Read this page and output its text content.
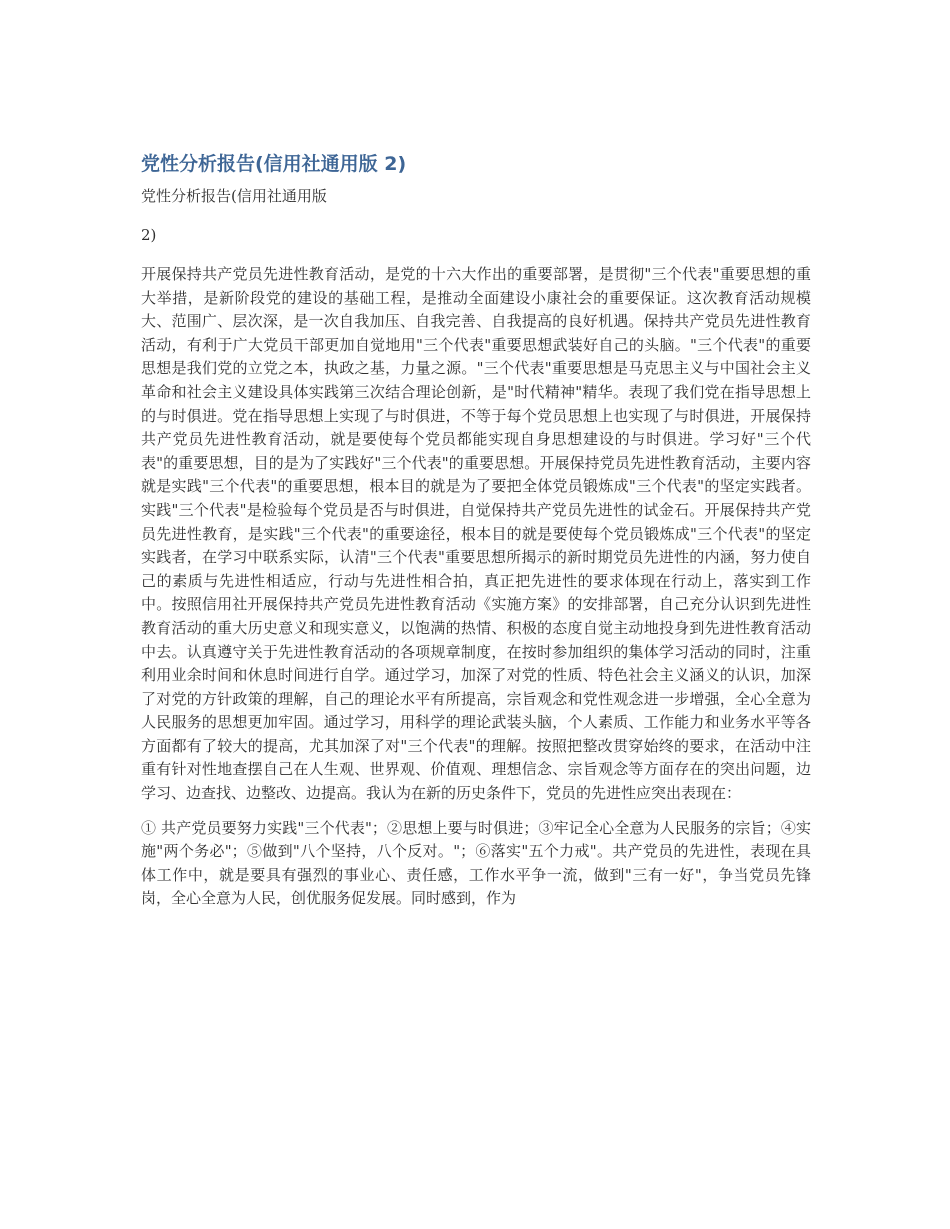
党性分析报告(信用社通用版 2)

党性分析报告(信用社通用版

2)

开展保持共产党员先进性教育活动，是党的十六大作出的重要部署，是贯彻"三个代表"重要思想的重大举措，是新阶段党的建设的基础工程，是推动全面建设小康社会的重要保证。这次教育活动规模大、范围广、层次深，是一次自我加压、自我完善、自我提高的良好机遇。保持共产党员先进性教育活动，有利于广大党员干部更加自觉地用"三个代表"重要思想武装好自己的头脑。"三个代表"的重要思想是我们党的立党之本，执政之基，力量之源。"三个代表"重要思想是马克思主义与中国社会主义革命和社会主义建设具体实践第三次结合理论创新，是"时代精神"精华。表现了我们党在指导思想上的与时俱进。党在指导思想上实现了与时俱进，不等于每个党员思想上也实现了与时俱进，开展保持共产党员先进性教育活动，就是要使每个党员都能实现自身思想建设的与时俱进。学习好"三个代表"的重要思想，目的是为了实践好"三个代表"的重要思想。开展保持党员先进性教育活动，主要内容就是实践"三个代表"的重要思想，根本目的就是为了要把全体党员锻炼成"三个代表"的坚定实践者。实践"三个代表"是检验每个党员是否与时俱进，自觉保持共产党员先进性的试金石。开展保持共产党员先进性教育，是实践"三个代表"的重要途径，根本目的就是要使每个党员锻炼成"三个代表"的坚定实践者，在学习中联系实际，认清"三个代表"重要思想所揭示的新时期党员先进性的内涵，努力使自己的素质与先进性相适应，行动与先进性相合拍，真正把先进性的要求体现在行动上，落实到工作中。按照信用社开展保持共产党员先进性教育活动《实施方案》的安排部署，自己充分认识到先进性教育活动的重大历史意义和现实意义，以饱满的热情、积极的态度自觉主动地投身到先进性教育活动中去。认真遵守关于先进性教育活动的各项规章制度，在按时参加组织的集体学习活动的同时，注重利用业余时间和休息时间进行自学。通过学习，加深了对党的性质、特色社会主义涵义的认识，加深了对党的方针政策的理解，自己的理论水平有所提高，宗旨观念和党性观念进一步增强，全心全意为人民服务的思想更加牢固。通过学习，用科学的理论武装头脑，个人素质、工作能力和业务水平等各方面都有了较大的提高，尤其加深了对"三个代表"的理解。按照把整改贯穿始终的要求，在活动中注重有针对性地查摆自己在人生观、世界观、价值观、理想信念、宗旨观念等方面存在的突出问题，边学习、边查找、边整改、边提高。我认为在新的历史条件下，党员的先进性应突出表现在：

① 共产党员要努力实践"三个代表"；②思想上要与时俱进；③牢记全心全意为人民服务的宗旨；④实施"两个务必"；⑤做到"八个坚持，八个反对。"；⑥落实"五个力戒"。共产党员的先进性，表现在具体工作中，就是要具有强烈的事业心、责任感，工作水平争一流，做到"三有一好"，争当党员先锋岗，全心全意为人民，创优服务促发展。同时感到，作为
